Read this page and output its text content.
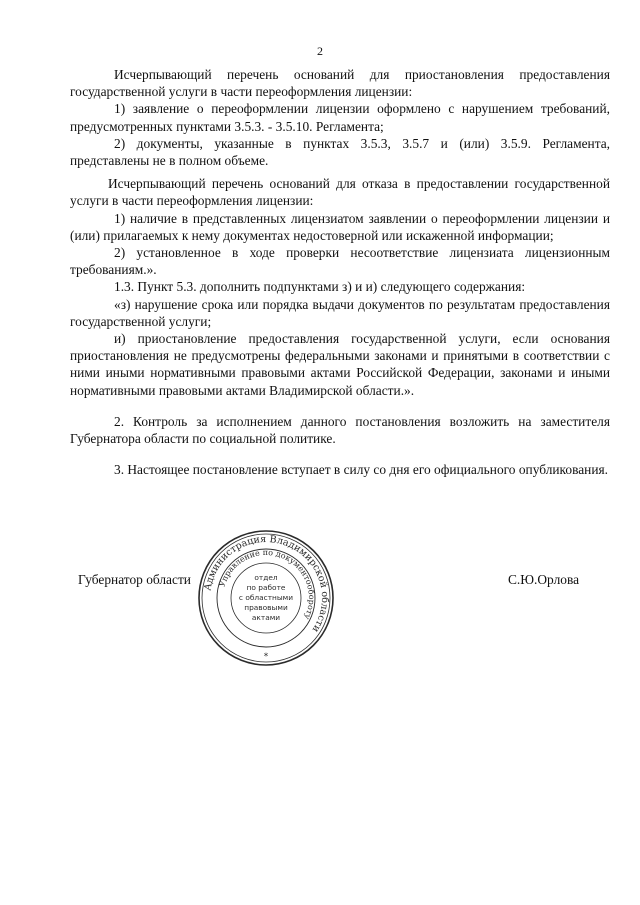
2

Исчерпывающий перечень оснований для приостановления предоставления государственной услуги в части переоформления лицензии:

1) заявление о переоформлении лицензии оформлено с нарушением требований, предусмотренных пунктами 3.5.3. - 3.5.10. Регламента;

2) документы, указанные в пунктах 3.5.3, 3.5.7 и (или) 3.5.9. Регламента, представлены не в полном объеме.

Исчерпывающий перечень оснований для отказа в предоставлении государственной услуги в части переоформления лицензии:

1) наличие в представленных лицензиатом заявлении о переоформлении лицензии и (или) прилагаемых к нему документах недостоверной или искаженной информации;

2) установленное в ходе проверки несоответствие лицензиата лицензионным требованиям.».

1.3. Пункт 5.3. дополнить подпунктами з) и и) следующего содержания:

«з) нарушение срока или порядка выдачи документов по результатам предоставления государственной услуги;

и) приостановление предоставления государственной услуги, если основания приостановления не предусмотрены федеральными законами и принятыми в соответствии с ними иными нормативными правовыми актами Российской Федерации, законами и иными нормативными правовыми актами Владимирской области.».

2. Контроль за исполнением данного постановления возложить на заместителя Губернатора области по социальной политике.

3. Настоящее постановление вступает в силу со дня его официального опубликования.

Губернатор области Администрация Владимирской области
Управление по документообороту
отдел
по работе
с областными
правовыми
актами
*
С.Ю.Орлова
